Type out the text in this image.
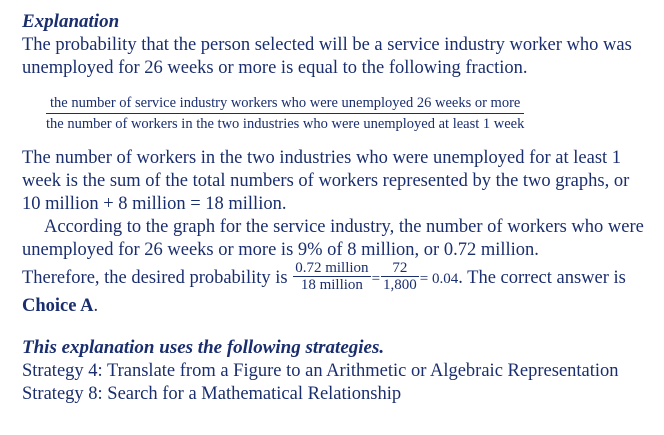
Explanation

The probability that the person selected will be a service industry worker who was unemployed for 26 weeks or more is equal to the following fraction.

the number of service industry workers who were unemployed 26 weeks or more
the number of workers in the two industries who were unemployed at least 1 week

The number of workers in the two industries who were unemployed for at least 1 week is the sum of the total numbers of workers represented by the two graphs, or 10 million + 8 million = 18 million.

According to the graph for the service industry, the number of workers who were unemployed for 26 weeks or more is 9% of 8 million, or 0.72 million.

Therefore, the desired probability is $\frac{\text{0.72 million}}{\text{18 million}} = \frac{72}{1,800} = 0.04$. The correct answer is Choice A.

This explanation uses the following strategies.

Strategy 4: Translate from a Figure to an Arithmetic or Algebraic Representation

Strategy 8: Search for a Mathematical Relationship
